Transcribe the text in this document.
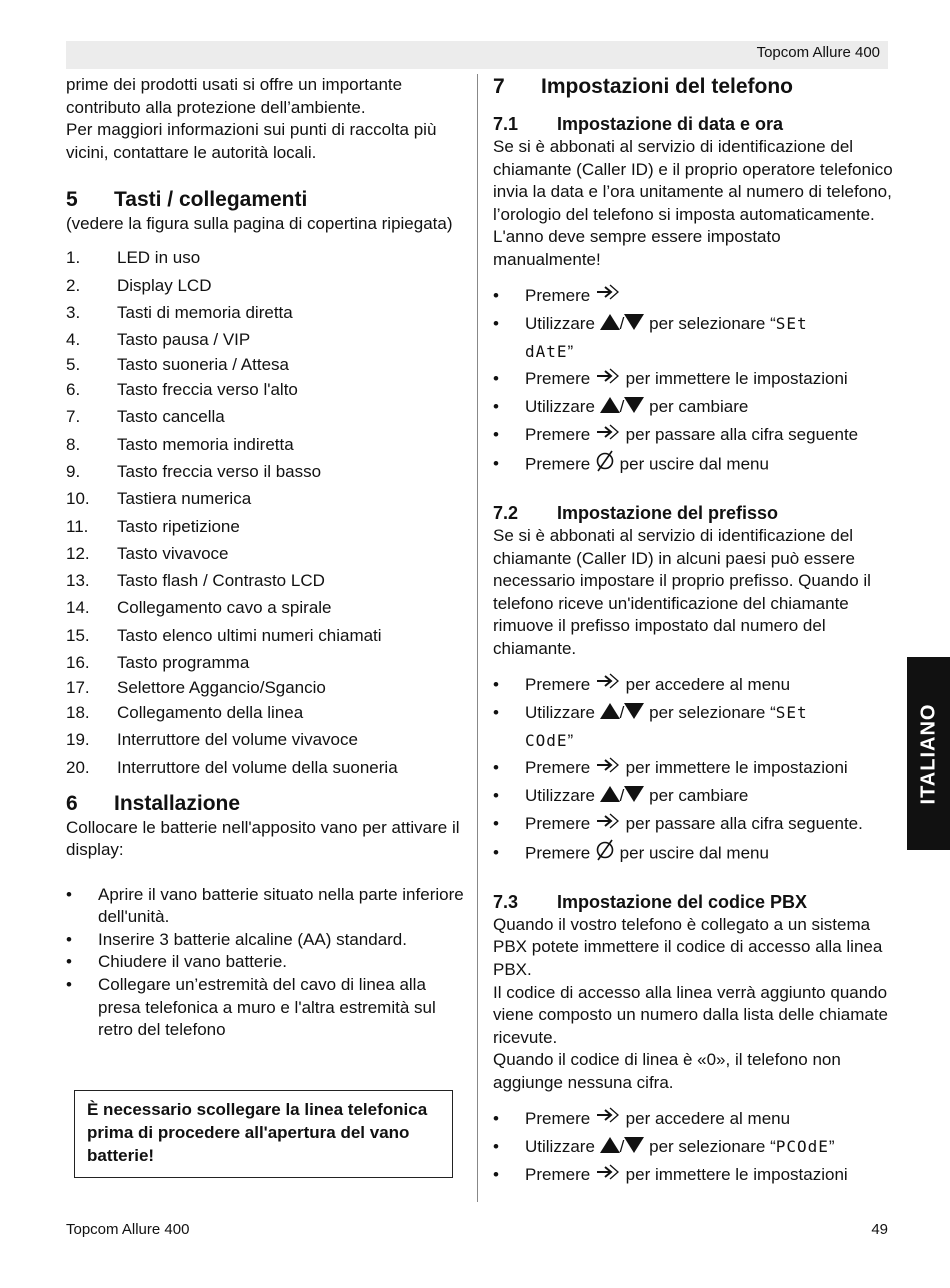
Topcom Allure 400

prime dei prodotti usati si offre un importante contributo alla protezione dell’ambiente.

Per maggiori informazioni sui punti di raccolta più vicini, contattare le autorità locali.

5	Tasti / collegamenti

(vedere la figura sulla pagina di copertina ripiegata)

1.	LED in uso
2.	Display LCD
3.	Tasti di memoria diretta
4.	Tasto pausa / VIP
5.	Tasto suoneria / Attesa
6.	Tasto freccia verso l'alto
7.	Tasto cancella
8.	Tasto memoria indiretta
9.	Tasto freccia verso il basso
10.	Tastiera numerica
11.	Tasto ripetizione
12.	Tasto vivavoce
13.	Tasto flash / Contrasto LCD
14.	Collegamento cavo a spirale
15.	Tasto elenco ultimi numeri chiamati
16.	Tasto programma
17.	Selettore Aggancio/Sgancio
18.	Collegamento della linea
19.	Interruttore del volume vivavoce
20.	Interruttore del volume della suoneria
6	Installazione

Collocare le batterie nell'apposito vano per attivare il display:

•	Aprire il vano batterie situato nella parte inferiore dell'unità.
•	Inserire 3 batterie alcaline (AA) standard.
•	Chiudere il vano batterie.
•	Collegare un’estremità del cavo di linea alla presa telefonica a muro e l'altra estremità sul retro del telefono
È necessario scollegare la linea telefonica prima di procedere all'apertura del vano batterie!
7	Impostazioni del telefono
7.1	Impostazione di data e ora

Se si è abbonati al servizio di identificazione del chiamante (Caller ID) e il proprio operatore telefonico invia la data e l’ora unitamente al numero di telefono, l’orologio del telefono si imposta automaticamente. L'anno deve sempre essere impostato manualmente!

•	Premere
•	Utilizzare / per selezionare “SEt
dAtE”
•	Premere per immettere le impostazioni
•	Utilizzare / per cambiare
•	Premere per passare alla cifra seguente
•	Premere per uscire dal menu
7.2	Impostazione del prefisso

Se si è abbonati al servizio di identificazione del chiamante (Caller ID) in alcuni paesi può essere necessario impostare il proprio prefisso. Quando il telefono riceve un'identificazione del chiamante rimuove il prefisso impostato dal numero del chiamante.

•	Premere per accedere al menu
•	Utilizzare / per selezionare “SEt
COdE”
•	Premere per immettere le impostazioni
•	Utilizzare / per cambiare
•	Premere per passare alla cifra seguente.
•	Premere per uscire dal menu
7.3	Impostazione del codice PBX

Quando il vostro telefono è collegato a un sistema PBX potete immettere il codice di accesso alla linea PBX.

Il codice di accesso alla linea verrà aggiunto quando viene composto un numero dalla lista delle chiamate ricevute.

Quando il codice di linea è «0», il telefono non aggiunge nessuna cifra.

•	Premere per accedere al menu
•	Utilizzare / per selezionare “PCOdE”
•	Premere per immettere le impostazioni
ITALIANO
Topcom Allure 400	49
